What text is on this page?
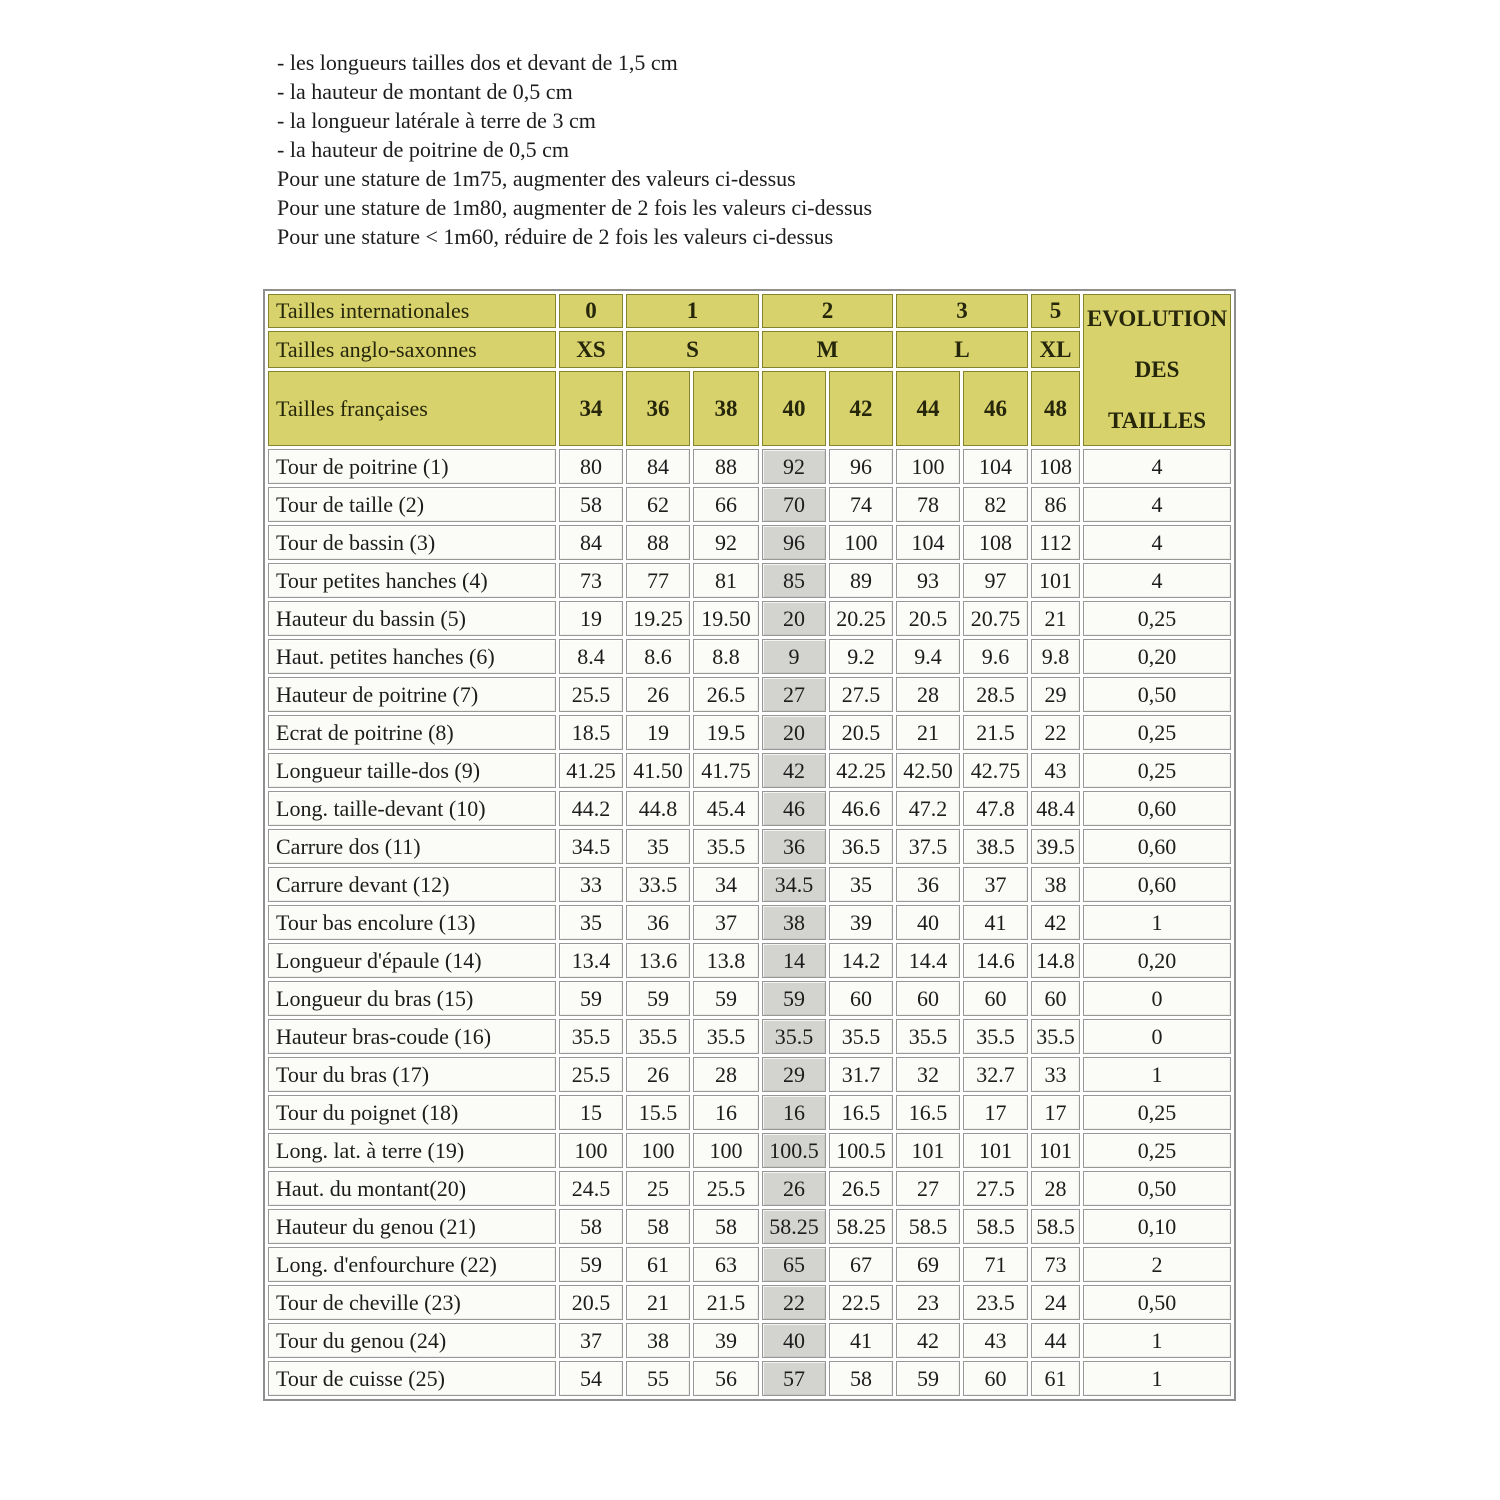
- les longueurs tailles dos et devant de 1,5 cm
- la hauteur de montant de 0,5 cm
- la longueur latérale à terre de 3 cm
- la hauteur de poitrine de 0,5 cm
Pour une stature de 1m75, augmenter des valeurs ci-dessus
Pour une stature de 1m80, augmenter de 2 fois les valeurs ci-dessus
Pour une stature < 1m60, réduire de 2 fois les valeurs ci-dessus
Tailles internationales	0	1		2		3		5	EVOLUTION
DES
TAILLES

Tailles anglo-saxonnes	XS	S		M		L		XL	
Tailles françaises	34	36	38	40	42	44	46	48	
Tour de poitrine (1)	80	84	88	92	96	100	104	108	4
Tour de taille (2)	58	62	66	70	74	78	82	86	4
Tour de bassin (3)	84	88	92	96	100	104	108	112	4
Tour petites hanches (4)	73	77	81	85	89	93	97	101	4
Hauteur du bassin (5)	19	19.25	19.50	20	20.25	20.5	20.75	21	0,25
Haut. petites hanches (6)	8.4	8.6	8.8	9	9.2	9.4	9.6	9.8	0,20
Hauteur de poitrine (7)	25.5	26	26.5	27	27.5	28	28.5	29	0,50
Ecrat de poitrine (8)	18.5	19	19.5	20	20.5	21	21.5	22	0,25
Longueur taille-dos (9)	41.25	41.50	41.75	42	42.25	42.50	42.75	43	0,25
Long. taille-devant (10)	44.2	44.8	45.4	46	46.6	47.2	47.8	48.4	0,60
Carrure dos (11)	34.5	35	35.5	36	36.5	37.5	38.5	39.5	0,60
Carrure devant (12)	33	33.5	34	34.5	35	36	37	38	0,60
Tour bas encolure (13)	35	36	37	38	39	40	41	42	1
Longueur d'épaule (14)	13.4	13.6	13.8	14	14.2	14.4	14.6	14.8	0,20
Longueur du bras (15)	59	59	59	59	60	60	60	60	0
Hauteur bras-coude (16)	35.5	35.5	35.5	35.5	35.5	35.5	35.5	35.5	0
Tour du bras (17)	25.5	26	28	29	31.7	32	32.7	33	1
Tour du poignet (18)	15	15.5	16	16	16.5	16.5	17	17	0,25
Long. lat. à terre (19)	100	100	100	100.5	100.5	101	101	101	0,25
Haut. du montant(20)	24.5	25	25.5	26	26.5	27	27.5	28	0,50
Hauteur du genou (21)	58	58	58	58.25	58.25	58.5	58.5	58.5	0,10
Long. d'enfourchure (22)	59	61	63	65	67	69	71	73	2
Tour de cheville (23)	20.5	21	21.5	22	22.5	23	23.5	24	0,50
Tour du genou (24)	37	38	39	40	41	42	43	44	1
Tour de cuisse (25)	54	55	56	57	58	59	60	61	1
